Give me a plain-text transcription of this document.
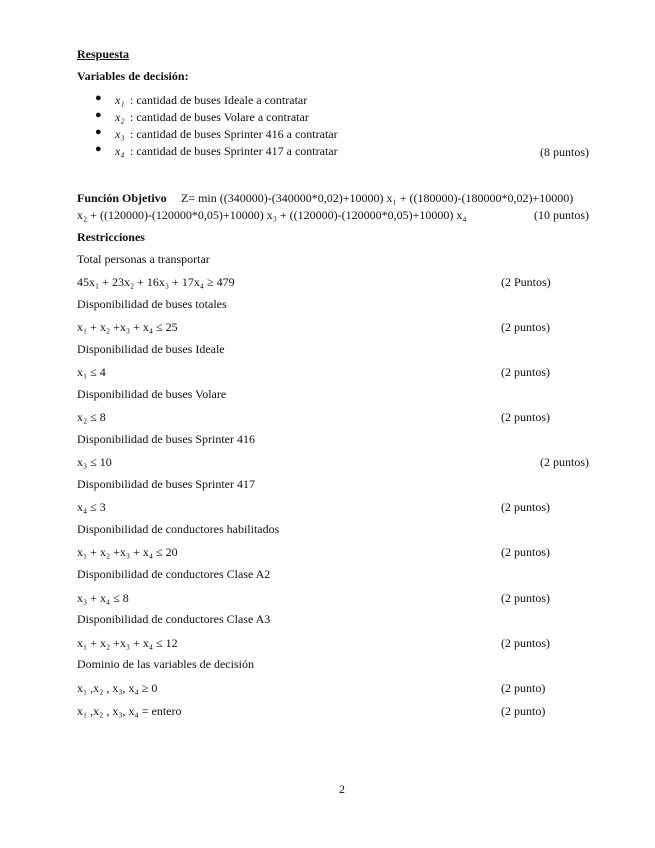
Respuesta
Variables de decisión:
● x₁ : cantidad de buses Ideale a contratar
● x₂ : cantidad de buses Volare a contratar
● x₃ : cantidad de buses Sprinter 416 a contratar
● x₄ : cantidad de buses Sprinter 417 a contratar	(8 puntos)
Función Objetivo Z= min ((340000)-(340000*0,02)+10000) x₁ + ((180000)-(180000*0,02)+10000)
x₂ + ((120000)-(120000*0,05)+10000) x₃ + ((120000)-(120000*0,05)+10000) x₄	(10 puntos)
Restricciones
Total personas a transportar
45x₁ + 23x₂ + 16x₃ + 17x₄ ≥ 479	(2 Puntos)
Disponibilidad de buses totales
x₁ + x₂ +x₃ + x₄ ≤ 25	(2 puntos)
Disponibilidad de buses Ideale
x₁ ≤ 4	(2 puntos)
Disponibilidad de buses Volare
x₂ ≤ 8	(2 puntos)
Disponibilidad de buses Sprinter 416
x₃ ≤ 10	(2 puntos)
Disponibilidad de buses Sprinter 417
x₄ ≤ 3	(2 puntos)
Disponibilidad de conductores habilitados
x₁ + x₂ +x₃ + x₄ ≤ 20	(2 puntos)
Disponibilidad de conductores Clase A2
x₃ + x₄ ≤ 8	(2 puntos)
Disponibilidad de conductores Clase A3
x₁ + x₂ +x₃ + x₄ ≤ 12	(2 puntos)
Dominio de las variables de decisión
x₁ ,x₂ , x₃, x₄ ≥ 0	(2 punto)
x₁ ,x₂ , x₃, x₄ = entero	(2 punto)
2
